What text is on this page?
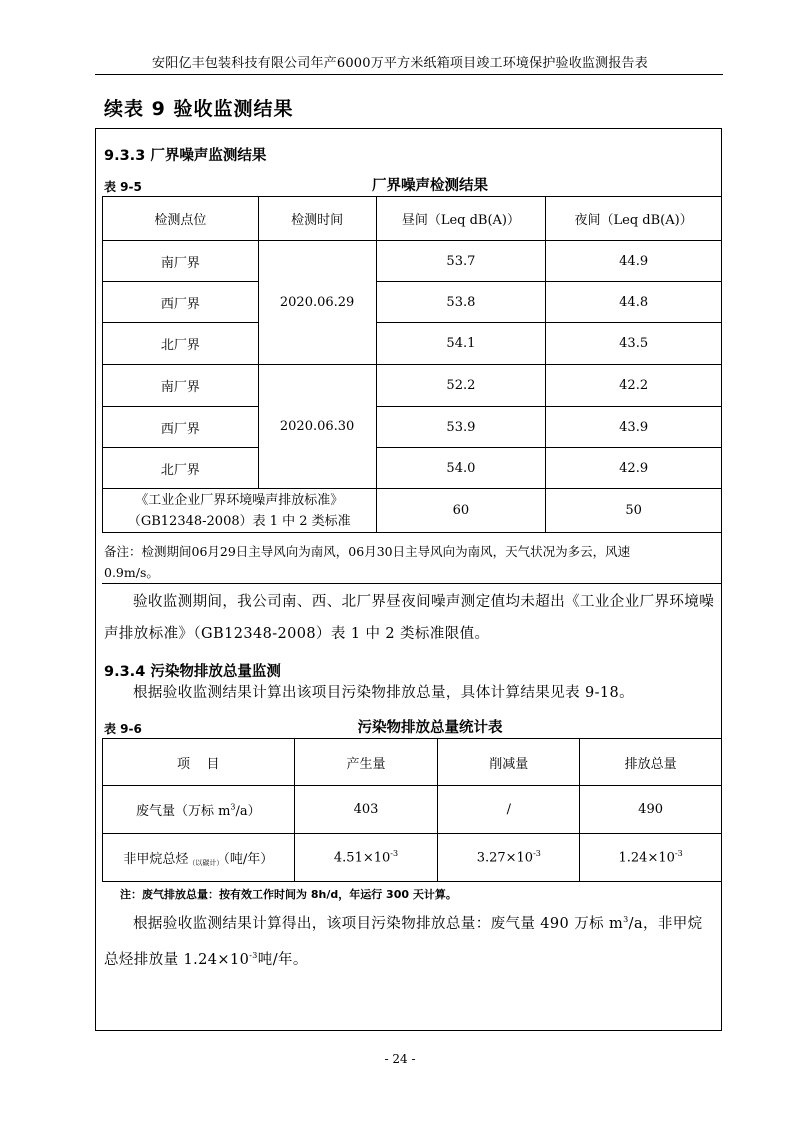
安阳亿丰包装科技有限公司年产6000万平方米纸箱项目竣工环境保护验收监测报告表
续表 9 验收监测结果
9.3.3 厂界噪声监测结果
表 9-5	厂界噪声检测结果
检测点位	检测时间	昼间（Leq dB(A)）	夜间（Leq dB(A)）
南厂界	2020.06.29	53.7	44.9
西厂界		53.8	44.8
北厂界		54.1	43.5
南厂界	2020.06.30	52.2	42.2
西厂界		53.9	43.9
北厂界		54.0	42.9

《工业企业厂界环境噪声排放标准》
（GB12348-2008）表 1 中 2 类标准		60	50
备注：检测期间06月29日主导风向为南风，06月30日主导风向为南风，天气状况为多云，风速
0.9m/s。
验收监测期间，我公司南、西、北厂界昼夜间噪声测定值均未超出《工业企业厂界环境噪声排放标准》（GB12348-2008）表 1 中 2 类标准限值。
9.3.4 污染物排放总量监测
根据验收监测结果计算出该项目污染物排放总量，具体计算结果见表 9-18。
表 9-6	污染物排放总量统计表
项    目	产生量	削减量	排放总量
废气量（万标 $m^3/a$）	403	/	490
非甲烷总烃$_{(以碳计)}$（吨/年）	$4.51\times 10^{-3}$	$3.27\times 10^{-3}$	$1.24\times 10^{-3}$
注：废气排放总量：按有效工作时间为 8h/d，年运行 300 天计算。
根据验收监测结果计算得出，该项目污染物排放总量：废气量 490 万标 $m^3/a$，非甲烷总烃排放量 $1.24\times 10^{-3}$吨/年。
- 24 -
